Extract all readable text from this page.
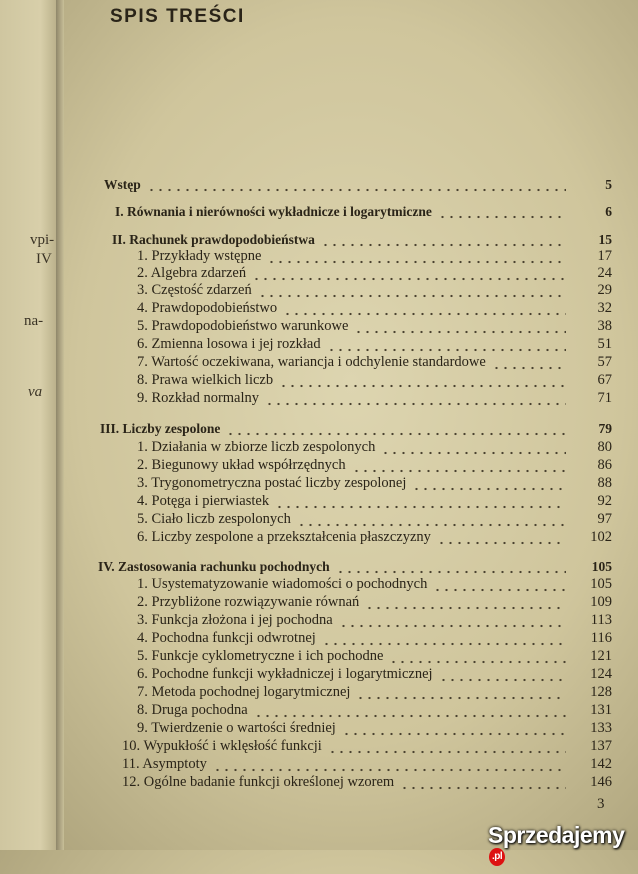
vpi-
IV
na-
va
SPIS TREŚCI
Wstęp	5
I. Równania i nierówności wykładnicze i logarytmiczne	6
II. Rachunek prawdopodobieństwa	15
1. Przykłady wstępne	17
2. Algebra zdarzeń	24
3. Częstość zdarzeń	29
4. Prawdopodobieństwo	32
5. Prawdopodobieństwo warunkowe	38
6. Zmienna losowa i jej rozkład	51
7. Wartość oczekiwana, wariancja i odchylenie standardowe	57
8. Prawa wielkich liczb	67
9. Rozkład normalny	71
III. Liczby zespolone	79
1. Działania w zbiorze liczb zespolonych	80
2. Biegunowy układ współrzędnych	86
3. Trygonometryczna postać liczby zespolonej	88
4. Potęga i pierwiastek	92
5. Ciało liczb zespolonych	97
6. Liczby zespolone a przekształcenia płaszczyzny	102
IV. Zastosowania rachunku pochodnych	105
1. Usystematyzowanie wiadomości o pochodnych	105
2. Przybliżone rozwiązywanie równań	109
3. Funkcja złożona i jej pochodna	113
4. Pochodna funkcji odwrotnej	116
5. Funkcje cyklometryczne i ich pochodne	121
6. Pochodne funkcji wykładniczej i logarytmicznej	124
7. Metoda pochodnej logarytmicznej	128
8. Druga pochodna	131
9. Twierdzenie o wartości średniej	133
10. Wypukłość i wklęsłość funkcji	137
11. Asymptoty	142
12. Ogólne badanie funkcji określonej wzorem	146
3
Sprzedajemy.pl
